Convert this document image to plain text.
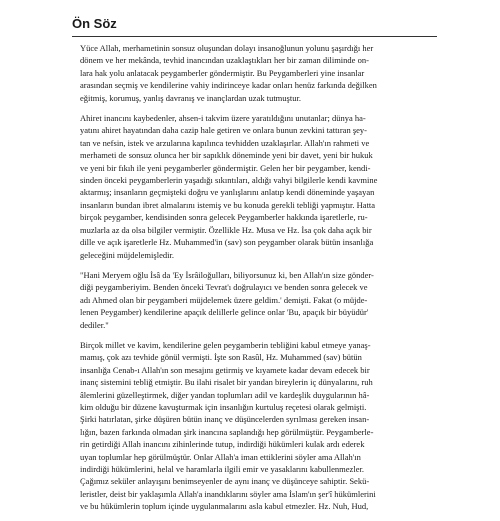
Ön Söz

Yüce Allah, merhametinin sonsuz oluşundan dolayı insanoğlunun yolunu şaşırdığı her
dönem ve her mekânda, tevhid inancından uzaklaştıkları her bir zaman diliminde on-
lara hak yolu anlatacak peygamberler göndermiştir. Bu Peygamberleri yine insanlar
arasından seçmiş ve kendilerine vahiy indirinceye kadar onları henüz farkında değilken
eğitmiş, korumuş, yanlış davranış ve inançlardan uzak tutmuştur.

Ahiret inancını kaybedenler, ahsen-i takvim üzere yaratıldığını unutanlar; dünya ha-
yatını ahiret hayatından daha cazip hale getiren ve onlara bunun zevkini tattıran şey-
tan ve nefsin, istek ve arzularına kapılınca tevhidden uzaklaşırlar. Allah'ın rahmeti ve
merhameti de sonsuz olunca her bir sapıklık döneminde yeni bir davet, yeni bir hukuk
ve yeni bir fıkıh ile yeni peygamberler göndermiştir. Gelen her bir peygamber, kendi-
sinden önceki peygamberlerin yaşadığı sıkıntıları, aldığı vahyi bilgilerle kendi kavmine
aktarmış; insanların geçmişteki doğru ve yanlışlarını anlatıp kendi döneminde yaşayan
insanların bundan ibret almalarını istemiş ve bu konuda gerekli tebliği yapmıştır. Hatta
birçok peygamber, kendisinden sonra gelecek Peygamberler hakkında işaretlerle, ru-
muzlarla az da olsa bilgiler vermiştir. Özellikle Hz. Musa ve Hz. İsa çok daha açık bir
dille ve açık işaretlerle Hz. Muhammed'in (sav) son peygamber olarak bütün insanlığa
geleceğini müjdelemişledir.

"Hani Meryem oğlu İsâ da 'Ey İsrâiloğulları, biliyorsunuz ki, ben Allah'ın size gönder-
diği peygamberiyim. Benden önceki Tevrat'ı doğrulayıcı ve benden sonra gelecek ve
adı Ahmed olan bir peygamberi müjdelemek üzere geldim.' demişti. Fakat (o müjde-
lenen Peygamber) kendilerine apaçık delillerle gelince onlar 'Bu, apaçık bir büyüdür'
dediler."

Birçok millet ve kavim, kendilerine gelen peygamberin tebliğini kabul etmeye yanaş-
mamış, çok azı tevhide gönül vermişti. İşte son Rasûl, Hz. Muhammed (sav) bütün
insanlığa Cenab-ı Allah'ın son mesajını getirmiş ve kıyamete kadar devam edecek bir
inanç sistemini tebliğ etmiştir. Bu ilahi risalet bir yandan bireylerin iç dünyalarını, ruh
âlemlerini güzelleştirmek, diğer yandan toplumları adil ve kardeşlik duygularının hâ-
kim olduğu bir düzene kavuşturmak için insanlığın kurtuluş reçetesi olarak gelmişti.
Şirki hatırlatan, şirke düşüren bütün inanç ve düşüncelerden syrılması gereken insan-
lığın, bazen farkında olmadan şirk inancına saplandığı hep görülmüştür. Peygamberle-
rin getirdiği Allah inancını zihinlerinde tutup, indirdiği hükümleri kulak ardı ederek
uyan toplumlar hep görülmüştür. Onlar Allah'a iman ettiklerini söyler ama Allah'ın
indirdiği hükümlerini, helal ve haramlarla ilgili emir ve yasaklarını kabullenmezler.
Çağımız seküler anlayışını benimseyenler de aynı inanç ve düşünceye sahiptir. Sekü-
leristler, deist bir yaklaşımla Allah'a inandıklarını söyler ama İslam'ın şer'î hükümlerini
ve bu hükümlerin toplum içinde uygulanmalarını asla kabul etmezler. Hz. Nuh, Hud,
